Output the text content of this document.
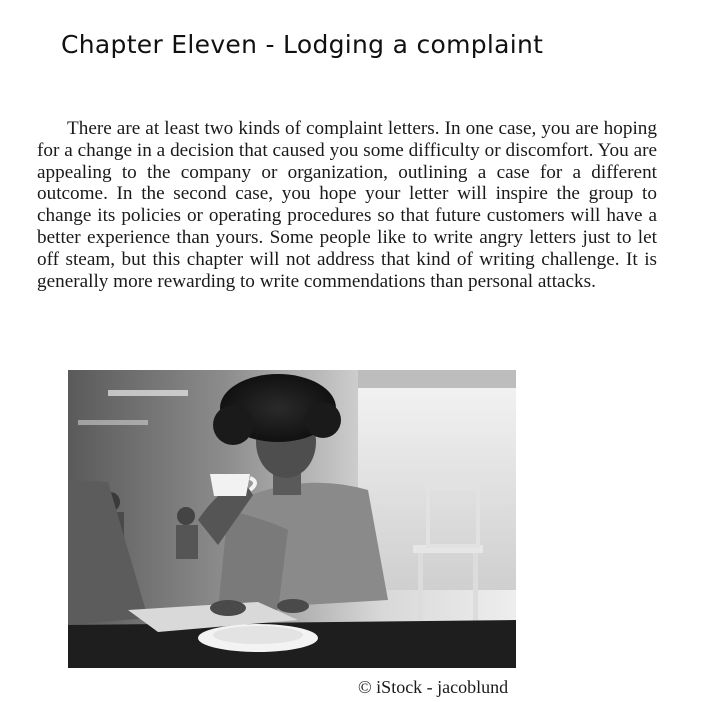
Chapter Eleven - Lodging a complaint

There are at least two kinds of complaint letters. In one case, you are hoping for a change in a decision that caused you some difficulty or discomfort. You are appealing to the company or organization, outlining a case for a different outcome. In the second case, you hope your letter will inspire the group to change its policies or operating procedures so that future customers will have a better experience than yours. Some people like to write angry letters just to let off steam, but this chapter will not address that kind of writing challenge. It is generally more rewarding to write commendations than personal attacks.

© iStock - jacoblund
